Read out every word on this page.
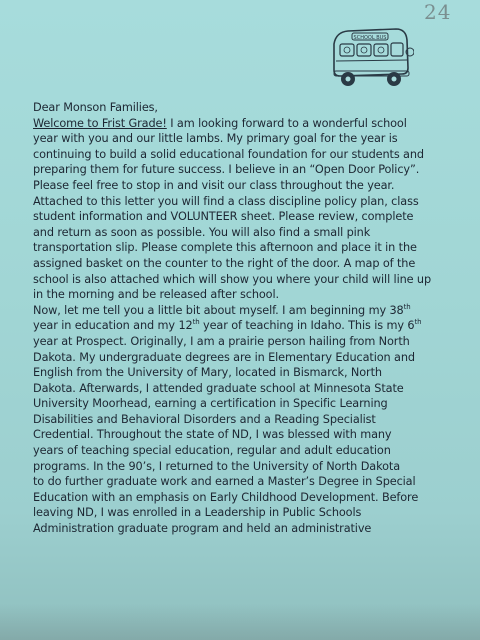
24
SCHOOL BUS
Dear Monson Families,
Welcome to Frist Grade! I am looking forward to a wonderful school
year with you and our little lambs. My primary goal for the year is
continuing to build a solid educational foundation for our students and
preparing them for future success. I believe in an “Open Door Policy”.
Please feel free to stop in and visit our class throughout the year.
Attached to this letter you will find a class discipline policy plan, class
student information and VOLUNTEER sheet. Please review, complete
and return as soon as possible. You will also find a small pink
transportation slip. Please complete this afternoon and place it in the
assigned basket on the counter to the right of the door. A map of the
school is also attached which will show you where your child will line up
in the morning and be released after school.
Now, let me tell you a little bit about myself. I am beginning my 38th
year in education and my 12th year of teaching in Idaho. This is my 6th
year at Prospect. Originally, I am a prairie person hailing from North
Dakota. My undergraduate degrees are in Elementary Education and
English from the University of Mary, located in Bismarck, North
Dakota. Afterwards, I attended graduate school at Minnesota State
University Moorhead, earning a certification in Specific Learning
Disabilities and Behavioral Disorders and a Reading Specialist
Credential. Throughout the state of ND, I was blessed with many
years of teaching special education, regular and adult education
programs. In the 90’s, I returned to the University of North Dakota
to do further graduate work and earned a Master’s Degree in Special
Education with an emphasis on Early Childhood Development. Before
leaving ND, I was enrolled in a Leadership in Public Schools
Administration graduate program and held an administrative
